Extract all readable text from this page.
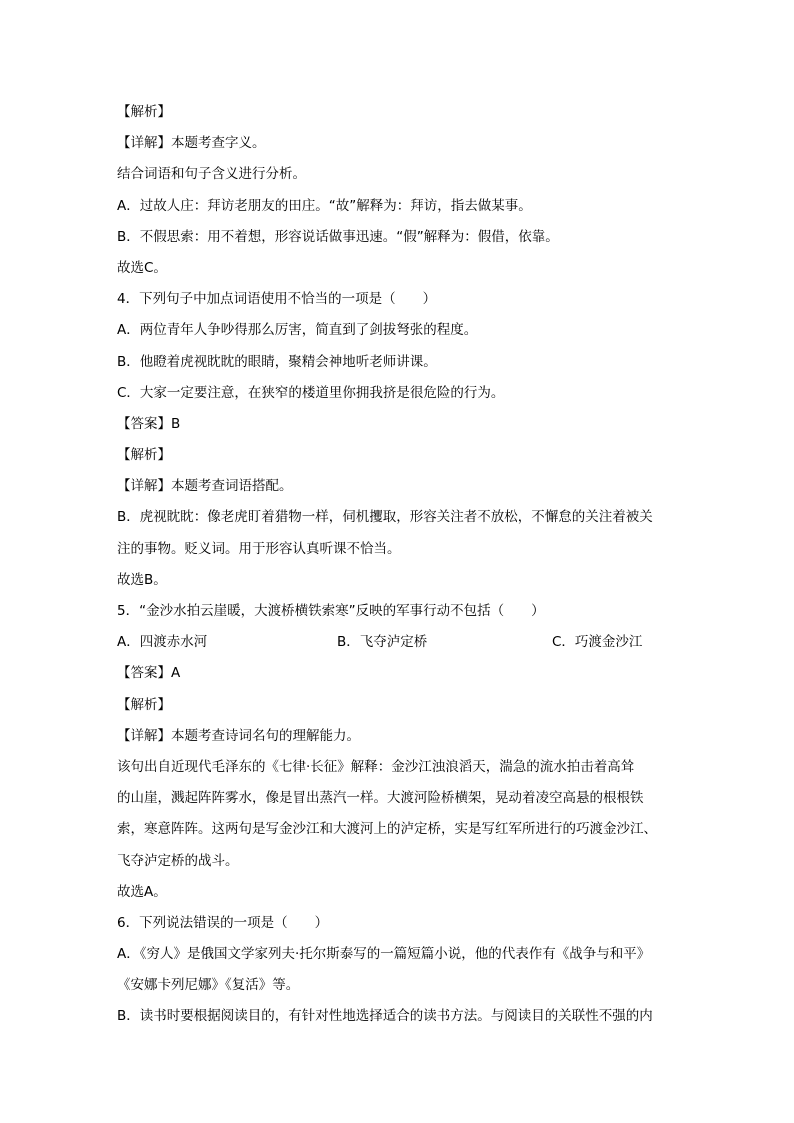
【解析】
【详解】本题考查字义。
结合词语和句子含义进行分析。
A．过故人庄：拜访老朋友的田庄。“故”解释为：拜访，指去做某事。
B．不假思索：用不着想，形容说话做事迅速。“假”解释为：假借，依靠。
故选C。
4．下列句子中加点词语使用不恰当的一项是（　　）
A．两位青年人争吵得那么厉害，简直到了剑拔弩张的程度。
B．他瞪着虎视眈眈的眼睛，聚精会神地听老师讲课。
C．大家一定要注意，在狭窄的楼道里你拥我挤是很危险的行为。
【答案】B
【解析】
【详解】本题考查词语搭配。
B．虎视眈眈：像老虎盯着猎物一样，伺机攫取，形容关注者不放松，不懈怠的关注着被关
注的事物。贬义词。用于形容认真听课不恰当。
故选B。
5．“金沙水拍云崖暖，大渡桥横铁索寒”反映的军事行动不包括（　　）
A．四渡赤水河	B．飞夺泸定桥	C．巧渡金沙江
【答案】A
【解析】
【详解】本题考查诗词名句的理解能力。
该句出自近现代毛泽东的《七律·长征》解释：金沙江浊浪滔天，湍急的流水拍击着高耸
的山崖，溅起阵阵雾水，像是冒出蒸汽一样。大渡河险桥横架，晃动着凌空高悬的根根铁
索，寒意阵阵。这两句是写金沙江和大渡河上的泸定桥，实是写红军所进行的巧渡金沙江、
飞夺泸定桥的战斗。
故选A。
6．下列说法错误的一项是（　　）
A．《穷人》是俄国文学家列夫·托尔斯泰写的一篇短篇小说，他的代表作有《战争与和平》
《安娜卡列尼娜》《复活》等。
B．读书时要根据阅读目的，有针对性地选择适合的读书方法。与阅读目的关联性不强的内
